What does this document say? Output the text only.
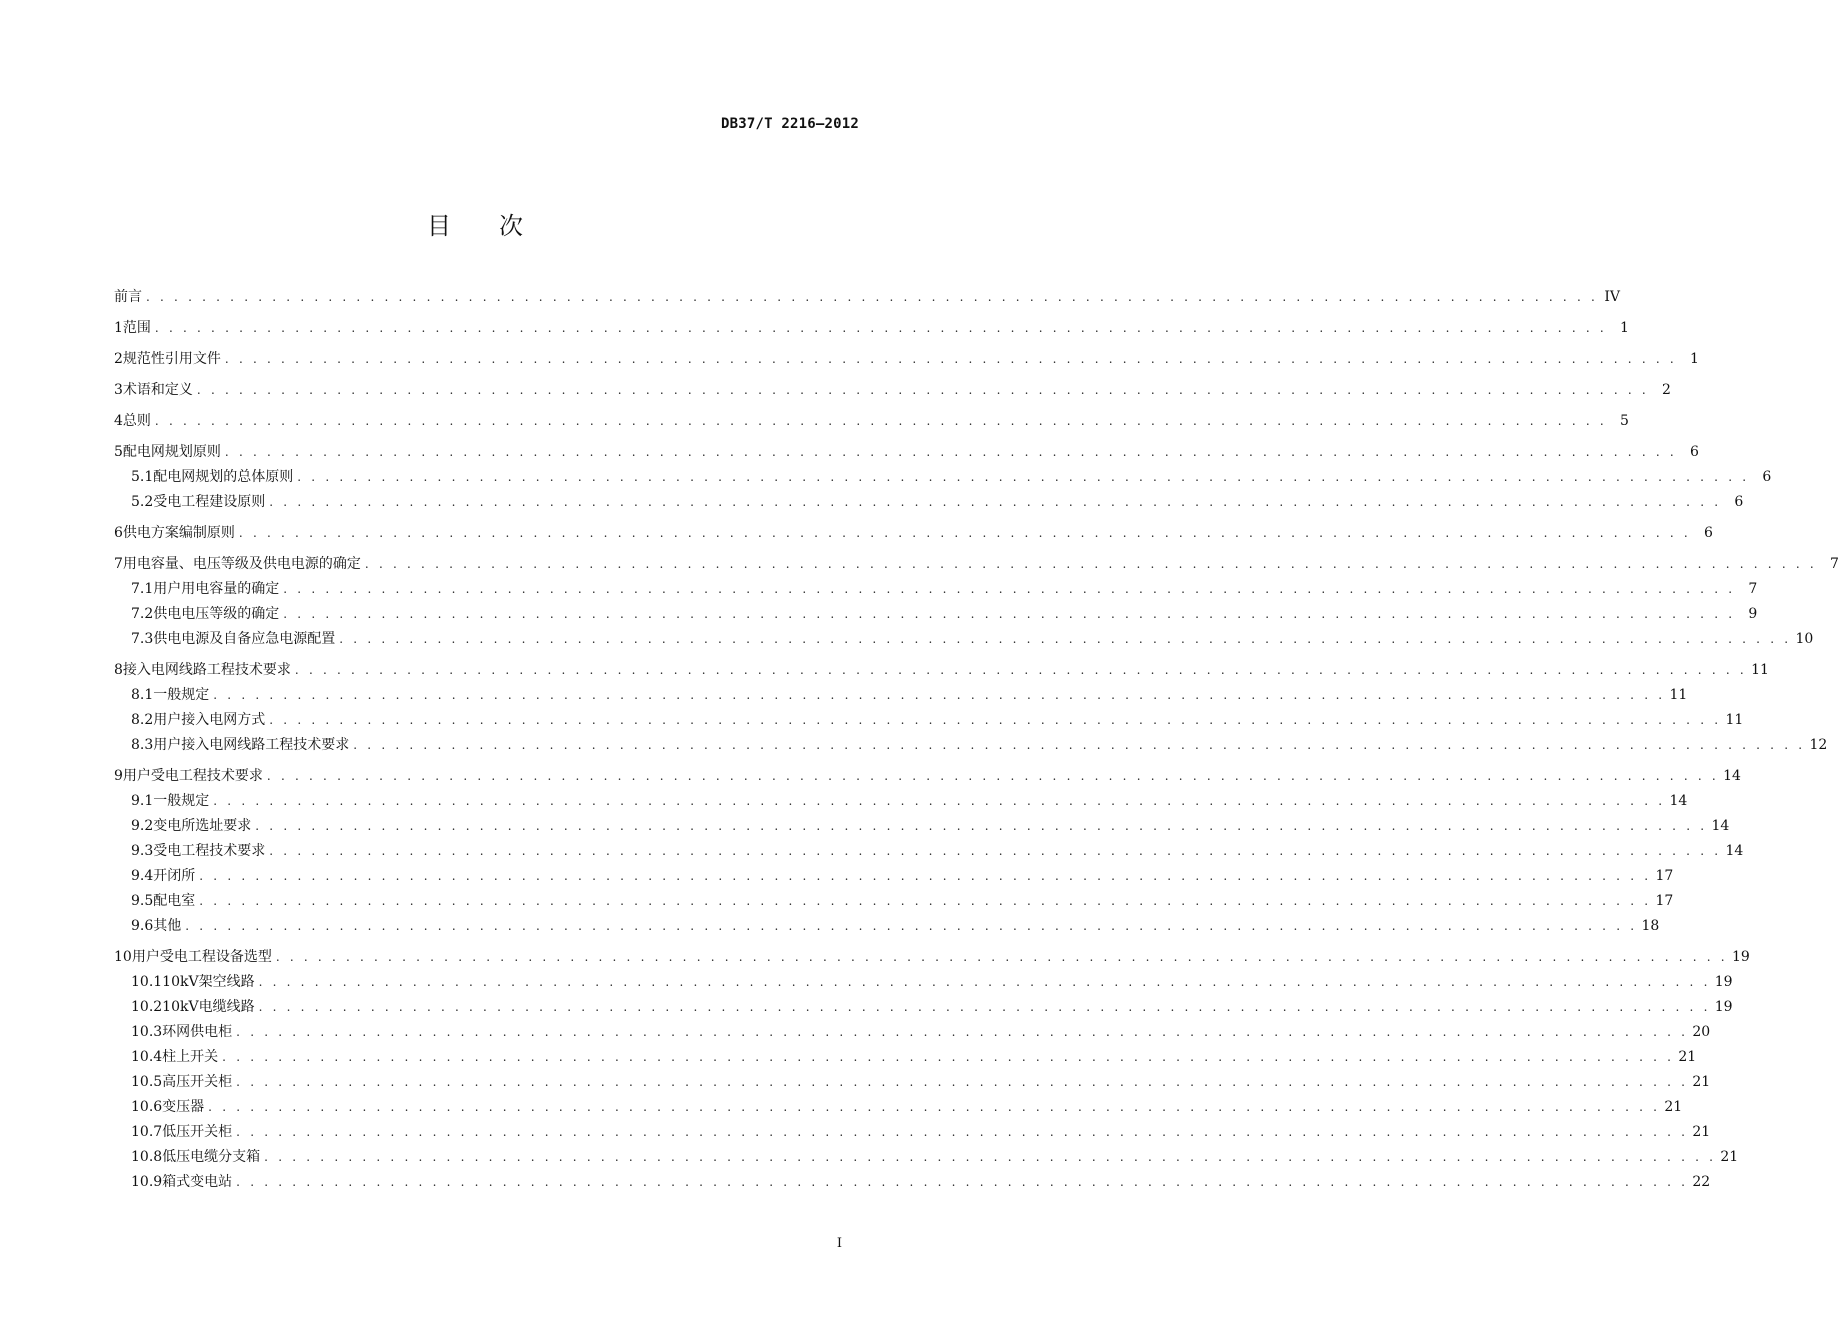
DB37/T 2216—2012
目次
前言 . . . . . . . . . . . . . . . . . . . . . . . . . . . . . . . . . . . . . . . . . . . . . . . . . . . . . . . . . . . . . . . . . . . . . . . . . . . . . . . . . . . . . . . . . . . . . . . . . . . . . . . . IV
1 范围 . . . . . . . . . . . . . . . . . . . . . . . . . . . . . . . . . . . . . . . . . . . . . . . . . . . . . . . . . . . . . . . . . . . . . . . . . . . . . . . . . . . . . . . . . . . . . . . . . . . . . . . . 1
2 规范性引用文件 . . . . . . . . . . . . . . . . . . . . . . . . . . . . . . . . . . . . . . . . . . . . . . . . . . . . . . . . . . . . . . . . . . . . . . . . . . . . . . . . . . . . . . . . . . . . . . . . . . . . . . . . 1
3 术语和定义 . . . . . . . . . . . . . . . . . . . . . . . . . . . . . . . . . . . . . . . . . . . . . . . . . . . . . . . . . . . . . . . . . . . . . . . . . . . . . . . . . . . . . . . . . . . . . . . . . . . . . . . . 2
4 总则 . . . . . . . . . . . . . . . . . . . . . . . . . . . . . . . . . . . . . . . . . . . . . . . . . . . . . . . . . . . . . . . . . . . . . . . . . . . . . . . . . . . . . . . . . . . . . . . . . . . . . . . . 5
5 配电网规划原则 . . . . . . . . . . . . . . . . . . . . . . . . . . . . . . . . . . . . . . . . . . . . . . . . . . . . . . . . . . . . . . . . . . . . . . . . . . . . . . . . . . . . . . . . . . . . . . . . . . . . . . . . 6
5.1 配电网规划的总体原则 . . . . . . . . . . . . . . . . . . . . . . . . . . . . . . . . . . . . . . . . . . . . . . . . . . . . . . . . . . . . . . . . . . . . . . . . . . . . . . . . . . . . . . . . . . . . . . . . . . . . . . . . 6
5.2 受电工程建设原则 . . . . . . . . . . . . . . . . . . . . . . . . . . . . . . . . . . . . . . . . . . . . . . . . . . . . . . . . . . . . . . . . . . . . . . . . . . . . . . . . . . . . . . . . . . . . . . . . . . . . . . . . 6
6 供电方案编制原则 . . . . . . . . . . . . . . . . . . . . . . . . . . . . . . . . . . . . . . . . . . . . . . . . . . . . . . . . . . . . . . . . . . . . . . . . . . . . . . . . . . . . . . . . . . . . . . . . . . . . . . . . 6
7 用电容量、电压等级及供电电源的确定 . . . . . . . . . . . . . . . . . . . . . . . . . . . . . . . . . . . . . . . . . . . . . . . . . . . . . . . . . . . . . . . . . . . . . . . . . . . . . . . . . . . . . . . . . . . . . . . . . . . . . . . . 7
7.1 用户用电容量的确定 . . . . . . . . . . . . . . . . . . . . . . . . . . . . . . . . . . . . . . . . . . . . . . . . . . . . . . . . . . . . . . . . . . . . . . . . . . . . . . . . . . . . . . . . . . . . . . . . . . . . . . . . 7
7.2 供电电压等级的确定 . . . . . . . . . . . . . . . . . . . . . . . . . . . . . . . . . . . . . . . . . . . . . . . . . . . . . . . . . . . . . . . . . . . . . . . . . . . . . . . . . . . . . . . . . . . . . . . . . . . . . . . . 9
7.3 供电电源及自备应急电源配置 . . . . . . . . . . . . . . . . . . . . . . . . . . . . . . . . . . . . . . . . . . . . . . . . . . . . . . . . . . . . . . . . . . . . . . . . . . . . . . . . . . . . . . . . . . . . . . . . . . . . . . . . 10
8 接入电网线路工程技术要求 . . . . . . . . . . . . . . . . . . . . . . . . . . . . . . . . . . . . . . . . . . . . . . . . . . . . . . . . . . . . . . . . . . . . . . . . . . . . . . . . . . . . . . . . . . . . . . . . . . . . . . . . 11
8.1 一般规定 . . . . . . . . . . . . . . . . . . . . . . . . . . . . . . . . . . . . . . . . . . . . . . . . . . . . . . . . . . . . . . . . . . . . . . . . . . . . . . . . . . . . . . . . . . . . . . . . . . . . . . . . 11
8.2 用户接入电网方式 . . . . . . . . . . . . . . . . . . . . . . . . . . . . . . . . . . . . . . . . . . . . . . . . . . . . . . . . . . . . . . . . . . . . . . . . . . . . . . . . . . . . . . . . . . . . . . . . . . . . . . . . 11
8.3 用户接入电网线路工程技术要求 . . . . . . . . . . . . . . . . . . . . . . . . . . . . . . . . . . . . . . . . . . . . . . . . . . . . . . . . . . . . . . . . . . . . . . . . . . . . . . . . . . . . . . . . . . . . . . . . . . . . . . . . 12
9 用户受电工程技术要求 . . . . . . . . . . . . . . . . . . . . . . . . . . . . . . . . . . . . . . . . . . . . . . . . . . . . . . . . . . . . . . . . . . . . . . . . . . . . . . . . . . . . . . . . . . . . . . . . . . . . . . . . 14
9.1 一般规定 . . . . . . . . . . . . . . . . . . . . . . . . . . . . . . . . . . . . . . . . . . . . . . . . . . . . . . . . . . . . . . . . . . . . . . . . . . . . . . . . . . . . . . . . . . . . . . . . . . . . . . . . 14
9.2 变电所选址要求 . . . . . . . . . . . . . . . . . . . . . . . . . . . . . . . . . . . . . . . . . . . . . . . . . . . . . . . . . . . . . . . . . . . . . . . . . . . . . . . . . . . . . . . . . . . . . . . . . . . . . . . . 14
9.3 受电工程技术要求 . . . . . . . . . . . . . . . . . . . . . . . . . . . . . . . . . . . . . . . . . . . . . . . . . . . . . . . . . . . . . . . . . . . . . . . . . . . . . . . . . . . . . . . . . . . . . . . . . . . . . . . . 14
9.4 开闭所 . . . . . . . . . . . . . . . . . . . . . . . . . . . . . . . . . . . . . . . . . . . . . . . . . . . . . . . . . . . . . . . . . . . . . . . . . . . . . . . . . . . . . . . . . . . . . . . . . . . . . . . . 17
9.5 配电室 . . . . . . . . . . . . . . . . . . . . . . . . . . . . . . . . . . . . . . . . . . . . . . . . . . . . . . . . . . . . . . . . . . . . . . . . . . . . . . . . . . . . . . . . . . . . . . . . . . . . . . . . 17
9.6 其他 . . . . . . . . . . . . . . . . . . . . . . . . . . . . . . . . . . . . . . . . . . . . . . . . . . . . . . . . . . . . . . . . . . . . . . . . . . . . . . . . . . . . . . . . . . . . . . . . . . . . . . . . 18
10 用户受电工程设备选型 . . . . . . . . . . . . . . . . . . . . . . . . . . . . . . . . . . . . . . . . . . . . . . . . . . . . . . . . . . . . . . . . . . . . . . . . . . . . . . . . . . . . . . . . . . . . . . . . . . . . . . . . 19
10.1 10kV架空线路 . . . . . . . . . . . . . . . . . . . . . . . . . . . . . . . . . . . . . . . . . . . . . . . . . . . . . . . . . . . . . . . . . . . . . . . . . . . . . . . . . . . . . . . . . . . . . . . . . . . . . . . . 19
10.2 10kV电缆线路 . . . . . . . . . . . . . . . . . . . . . . . . . . . . . . . . . . . . . . . . . . . . . . . . . . . . . . . . . . . . . . . . . . . . . . . . . . . . . . . . . . . . . . . . . . . . . . . . . . . . . . . . 19
10.3 环网供电柜 . . . . . . . . . . . . . . . . . . . . . . . . . . . . . . . . . . . . . . . . . . . . . . . . . . . . . . . . . . . . . . . . . . . . . . . . . . . . . . . . . . . . . . . . . . . . . . . . . . . . . . . . 20
10.4 柱上开关 . . . . . . . . . . . . . . . . . . . . . . . . . . . . . . . . . . . . . . . . . . . . . . . . . . . . . . . . . . . . . . . . . . . . . . . . . . . . . . . . . . . . . . . . . . . . . . . . . . . . . . . . 21
10.5 高压开关柜 . . . . . . . . . . . . . . . . . . . . . . . . . . . . . . . . . . . . . . . . . . . . . . . . . . . . . . . . . . . . . . . . . . . . . . . . . . . . . . . . . . . . . . . . . . . . . . . . . . . . . . . . 21
10.6 变压器 . . . . . . . . . . . . . . . . . . . . . . . . . . . . . . . . . . . . . . . . . . . . . . . . . . . . . . . . . . . . . . . . . . . . . . . . . . . . . . . . . . . . . . . . . . . . . . . . . . . . . . . . 21
10.7 低压开关柜 . . . . . . . . . . . . . . . . . . . . . . . . . . . . . . . . . . . . . . . . . . . . . . . . . . . . . . . . . . . . . . . . . . . . . . . . . . . . . . . . . . . . . . . . . . . . . . . . . . . . . . . . 21
10.8 低压电缆分支箱 . . . . . . . . . . . . . . . . . . . . . . . . . . . . . . . . . . . . . . . . . . . . . . . . . . . . . . . . . . . . . . . . . . . . . . . . . . . . . . . . . . . . . . . . . . . . . . . . . . . . . . . . 21
10.9 箱式变电站 . . . . . . . . . . . . . . . . . . . . . . . . . . . . . . . . . . . . . . . . . . . . . . . . . . . . . . . . . . . . . . . . . . . . . . . . . . . . . . . . . . . . . . . . . . . . . . . . . . . . . . . . 22
I
